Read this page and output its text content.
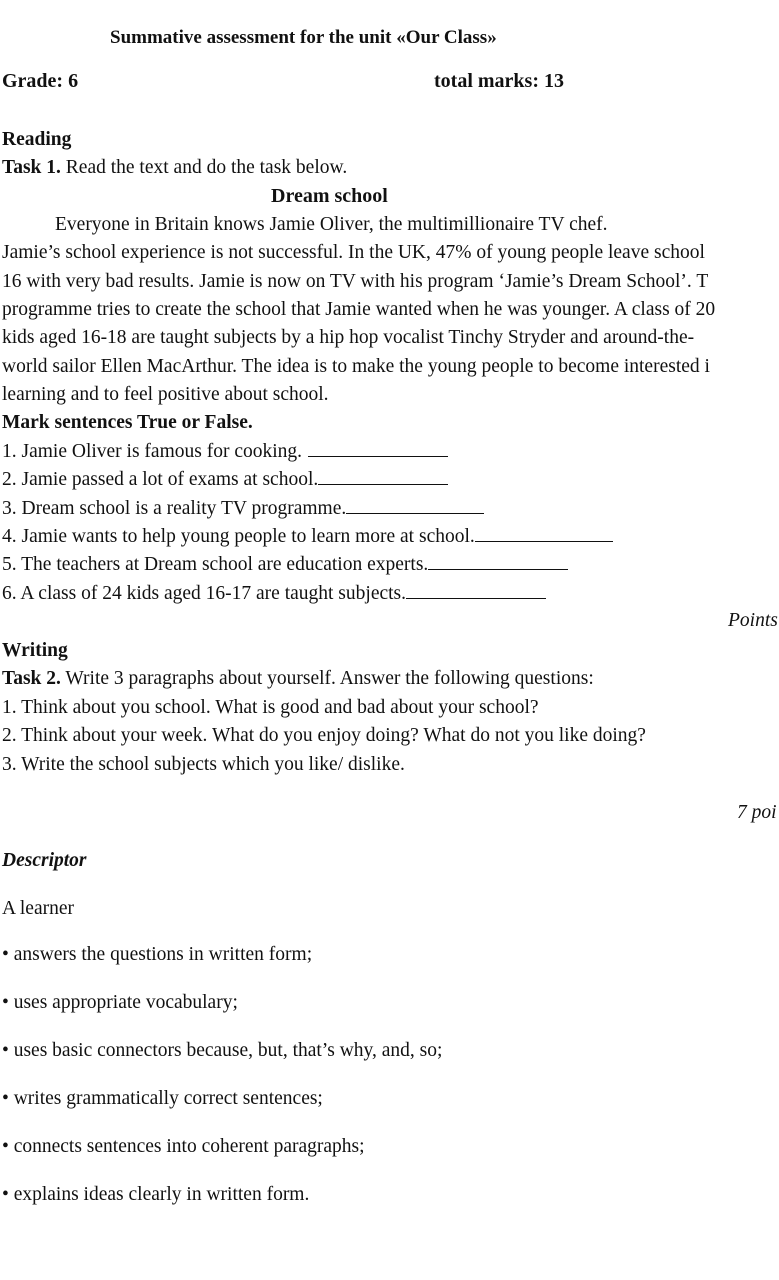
Summative assessment for the unit «Our Class»
Grade: 6	total marks: 13
Reading
Task 1. Read the text and do the task below.
Dream school
Everyone in Britain knows Jamie Oliver, the multimillionaire TV chef.
Jamie’s school experience is not successful. In the UK, 47% of young people leave school
16 with very bad results. Jamie is now on TV with his program ‘Jamie’s Dream School’. T
programme tries to create the school that Jamie wanted when he was younger. A class of 20
kids aged 16-18 are taught subjects by a hip hop vocalist Tinchy Stryder and around-the-
world sailor Ellen MacArthur. The idea is to make the young people to become interested i
learning and to feel positive about school.
Mark sentences True or False.
1. Jamie Oliver is famous for cooking.
2. Jamie passed a lot of exams at school.
3. Dream school is a reality TV programme.
4. Jamie wants to help young people to learn more at school.
5. The teachers at Dream school are education experts.
6. A class of 24 kids aged 16-17 are taught subjects.
Points
Writing
Task 2. Write 3 paragraphs about yourself. Answer the following questions:
1. Think about you school. What is good and bad about your school?
2. Think about your week. What do you enjoy doing? What do not you like doing?
3. Write the school subjects which you like/ dislike.
7 poi
Descriptor
A learner
• answers the questions in written form;
• uses appropriate vocabulary;
• uses basic connectors because, but, that’s why, and, so;
• writes grammatically correct sentences;
• connects sentences into coherent paragraphs;
• explains ideas clearly in written form.
